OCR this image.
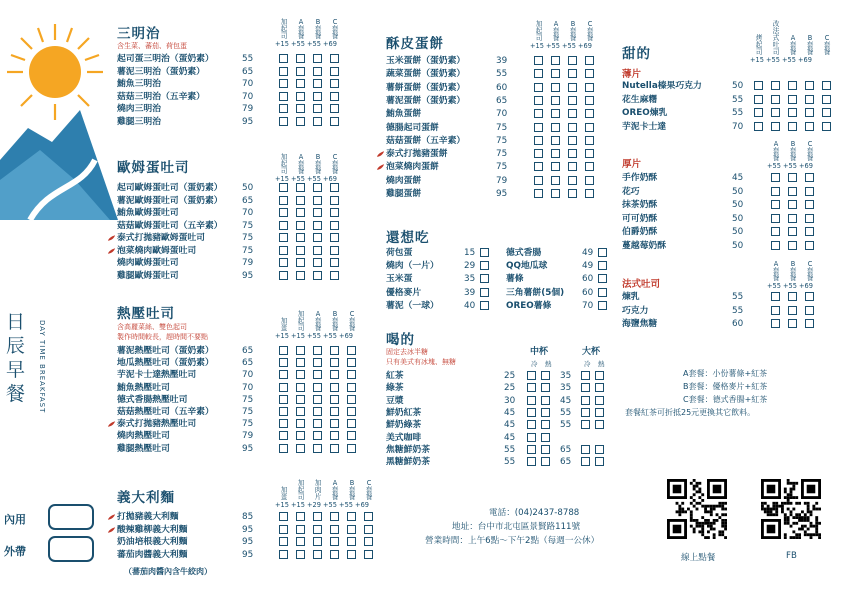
日辰早餐	DAY TIME BREAKFAST
內用
外帶
三明治
含生菜、蕃茄、荷包蛋
歐姆蛋吐司
熱壓吐司
含高麗菜絲、雙色起司
製作時間較長，趕時間不要點
義大利麵
（蕃茄肉醬內含牛絞肉）
酥皮蛋餅
還想吃
喝的
固定去冰半糖
只有美式有冰塊、無糖
中杯	大杯
冷 熱	冷 熱
甜的
薄片
厚片
法式吐司
A套餐：小份薯條+紅茶
B套餐：優格麥片+紅茶
C套餐：德式香腸+紅茶
套餐紅茶可折抵25元更換其它飲料。
電話：(04)2437-8788
地址：台中市北屯區景賢路111號
營業時間：上午6點～下午2點（每週一公休）
線上點餐	FB
加
起
司
A
套
餐
B
套
餐
C
套
餐
+15 +55 +55 +69
起司蛋三明治（蛋奶素）	55
薯泥三明治（蛋奶素）	65
鮪魚三明治	70
菇菇三明治（五辛素）	70
燒肉三明治	79
雞腿三明治	95
加
起
司
A
套
餐
B
套
餐
C
套
餐
+15 +55 +55 +69
起司歐姆蛋吐司（蛋奶素） 50
薯泥歐姆蛋吐司（蛋奶素） 65
鮪魚歐姆蛋吐司	70
菇菇歐姆蛋吐司（五辛素） 75
泰式打拋豬歐姆蛋吐司	75
泡菜燒肉歐姆蛋吐司	75
燒肉歐姆蛋吐司	79
雞腿歐姆蛋吐司	95
加
蛋
加
起
司
A
套
餐
B
套
餐
C
套
餐
+15 +15 +55 +55 +69
薯泥熱壓吐司（蛋奶素）	65
地瓜熱壓吐司（蛋奶素）	65
芋泥卡士達熱壓吐司	70
鮪魚熱壓吐司	70
德式香腸熱壓吐司	75
菇菇熱壓吐司（五辛素）	75
泰式打拋豬熱壓吐司	75
燒肉熱壓吐司	79
雞腿熱壓吐司	95
加
蛋
加
起
司
加
肉
片
A
套
餐
B
套
餐
C
套
餐
+15 +15 +29 +55 +55 +69
打拋豬義大利麵	85
酸辣雞柳義大利麵	95
奶油培根義大利麵	95
蕃茄肉醬義大利麵	95
加
起
司
A
套
餐
B
套
餐
C
套
餐
+15 +55 +55 +69
玉米蛋餅（蛋奶素）	39
蔬菜蛋餅（蛋奶素）	55
薯餅蛋餅（蛋奶素）	60
薯泥蛋餅（蛋奶素）	65
鮪魚蛋餅	70
德腸起司蛋餅	75
菇菇蛋餅（五辛素）	75
泰式打拋豬蛋餅	75
泡菜燒肉蛋餅	75
燒肉蛋餅	79
雞腿蛋餅	95
烤
起
司
改
法
式
吐
司
A
套
餐
B
套
餐
C
套
餐
+15 +55 +55 +69
Nutella榛果巧克力	50
花生麻糬	55
OREO煉乳	55
芋泥卡士達	70
A
套
餐
B
套
餐
C
套
餐
+55 +55 +69
手作奶酥	45
花巧	50
抹茶奶酥	50
可可奶酥	50
伯爵奶酥	50
蔓越莓奶酥	50
A
套
餐
B
套
餐
C
套
餐
+55 +55 +69
煉乳	55
巧克力	55
海鹽焦糖	60
荷包蛋	15
燒肉（一片）	29
玉米蛋	35
優格麥片	39
薯泥（一球）	40
德式香腸	49
QQ地瓜球	49
薯條	60
三角薯餅(5個) 60
OREO薯條	70
紅茶	25	35
綠茶	25	35
豆漿	30	45
鮮奶紅茶	45	55
鮮奶綠茶	45	55
美式咖啡	45
焦糖鮮奶茶	55	65
黑糖鮮奶茶	55	65
